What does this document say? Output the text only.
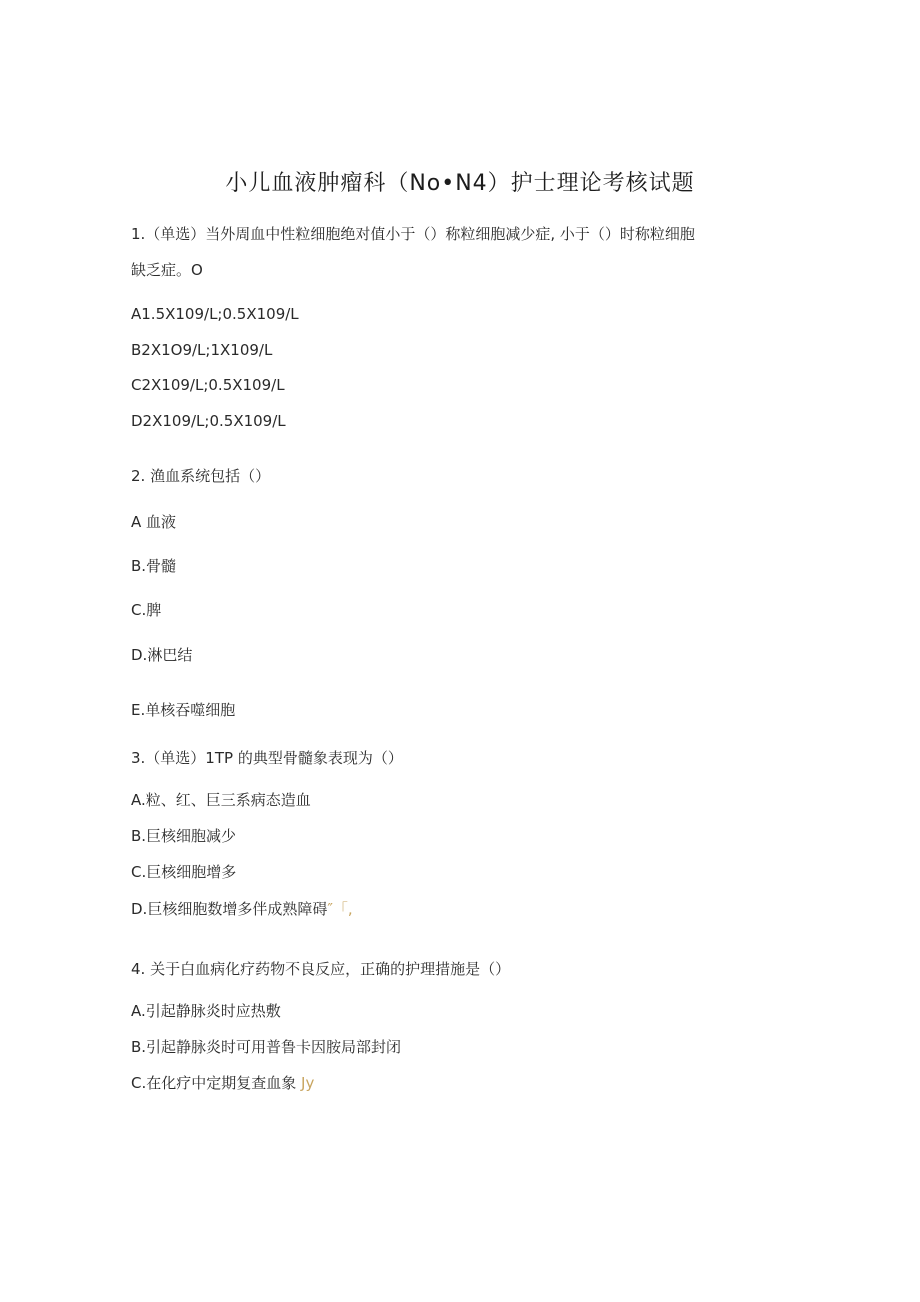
小儿血液肿瘤科（No•N4）护士理论考核试题
1.（单选）当外周血中性粒细胞绝对值小于（）称粒细胞减少症, 小于（）时称粒细胞
缺乏症。O
A1.5X109/L;0.5X109/L
B2X1O9∕L;1X109/L
C2X109/L;0.5X109/L
D2X109/L;0.5X109/L
2. 渔血系统包括（）
A 血液
B.骨髓
C.脾
D.淋巴结
E.单核吞噬细胞
3.（单选）1TP 的典型骨髓象表现为（）
A.粒、红、巨三系病态造血
B.巨核细胞减少
C.巨核细胞增多
D.巨核细胞数增多伴成熟障碍″「,
4. 关于白血病化疗药物不良反应，正确的护理措施是（）
A.引起静脉炎时应热敷
B.引起静脉炎时可用普鲁卡因胺局部封闭
C.在化疗中定期复查血象 Jy
